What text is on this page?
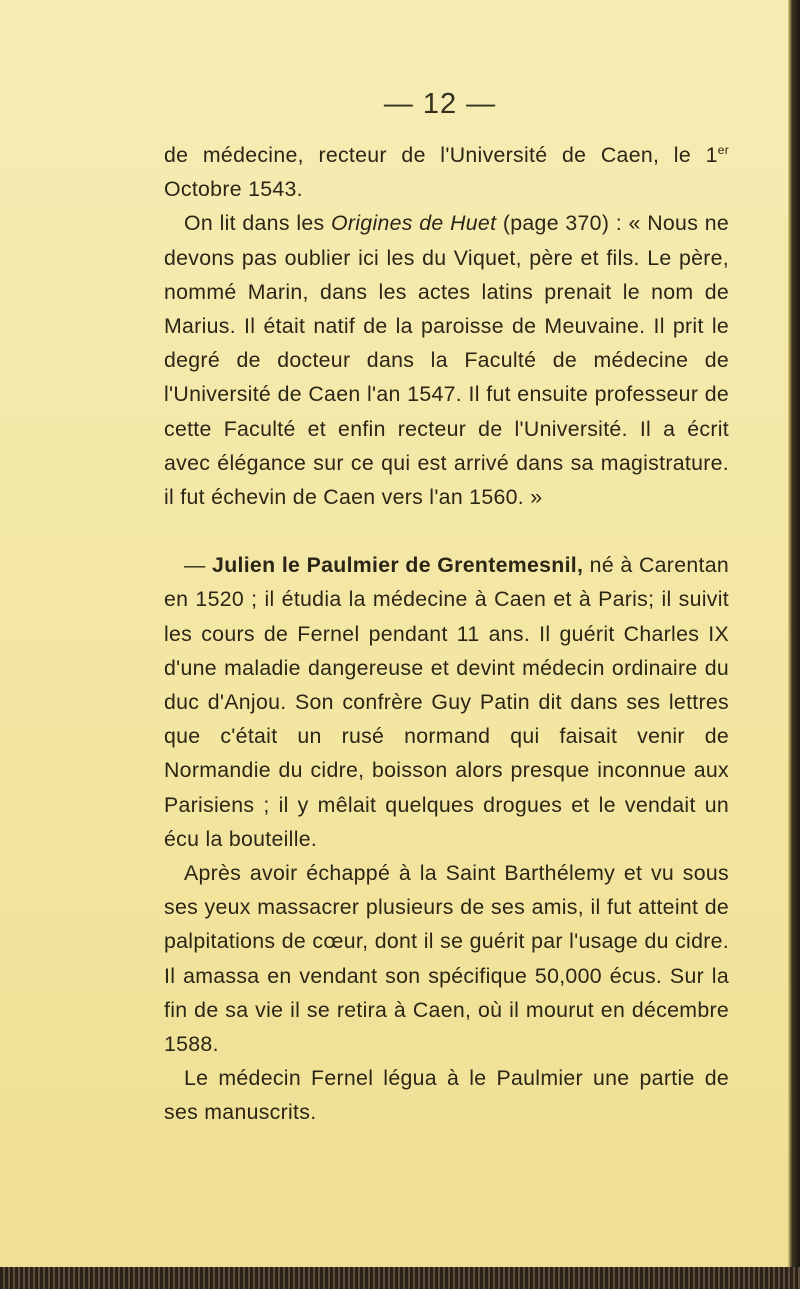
— 12 —

de médecine, recteur de l'Université de Caen, le 1er Octobre 1543.

On lit dans les Origines de Huet (page 370) : « Nous ne devons pas oublier ici les du Viquet, père et fils. Le père, nommé Marin, dans les actes latins prenait le nom de Marius. Il était natif de la paroisse de Meuvaine. Il prit le degré de docteur dans la Faculté de médecine de l'Université de Caen l'an 1547. Il fut ensuite professeur de cette Faculté et enfin recteur de l'Université. Il a écrit avec élégance sur ce qui est arrivé dans sa magistrature. il fut échevin de Caen vers l'an 1560. »

— Julien le Paulmier de Grentemesnil, né à Carentan en 1520 ; il étudia la médecine à Caen et à Paris; il suivit les cours de Fernel pendant 11 ans. Il guérit Charles IX d'une maladie dangereuse et devint médecin ordinaire du duc d'Anjou. Son confrère Guy Patin dit dans ses lettres que c'était un rusé normand qui faisait venir de Normandie du cidre, boisson alors presque inconnue aux Parisiens ; il y mêlait quelques drogues et le vendait un écu la bouteille.

Après avoir échappé à la Saint Barthélemy et vu sous ses yeux massacrer plusieurs de ses amis, il fut atteint de palpitations de cœur, dont il se guérit par l'usage du cidre. Il amassa en vendant son spécifique 50,000 écus. Sur la fin de sa vie il se retira à Caen, où il mourut en décembre 1588.

Le médecin Fernel légua à le Paulmier une partie de ses manuscrits.
